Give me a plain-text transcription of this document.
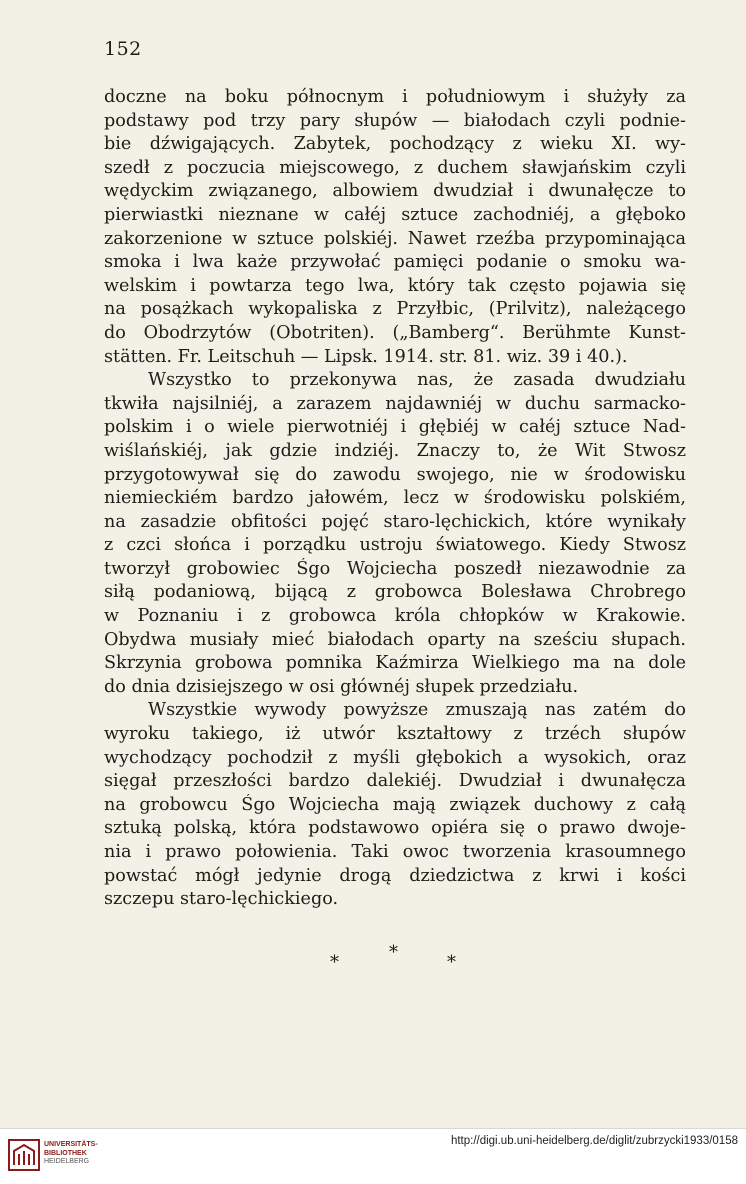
152
doczne na boku północnym i południowym i służyły za
podstawy pod trzy pary słupów — białodach czyli podnie-
bie dźwigających. Zabytek, pochodzący z wieku XI. wy-
szedł z poczucia miejscowego, z duchem sławjańskim czyli
wędyckim związanego, albowiem dwudział i dwunałęcze to
pierwiastki nieznane w całéj sztuce zachodniéj, a głęboko
zakorzenione w sztuce polskiéj. Nawet rzeźba przypominająca
smoka i lwa każe przywołać pamięci podanie o smoku wa-
welskim i powtarza tego lwa, który tak często pojawia się
na posążkach wykopaliska z Przyłbic, (Prilvitz), należącego
do Obodrzytów (Obotriten). („Bamberg“. Berühmte Kunst-
stätten. Fr. Leitschuh — Lipsk. 1914. str. 81. wiz. 39 i 40.).
Wszystko to przekonywa nas, że zasada dwudziału
tkwiła najsilniéj, a zarazem najdawniéj w duchu sarmacko-
polskim i o wiele pierwotniéj i głębiéj w całéj sztuce Nad-
wiślańskiéj, jak gdzie indziéj. Znaczy to, że Wit Stwosz
przygotowywał się do zawodu swojego, nie w środowisku
niemieckiém bardzo jałowém, lecz w środowisku polskiém,
na zasadzie obfitości pojęć staro-lęchickich, które wynikały
z czci słońca i porządku ustroju światowego. Kiedy Stwosz
tworzył grobowiec Śgo Wojciecha poszedł niezawodnie za
siłą podaniową, bijącą z grobowca Bolesława Chrobrego
w Poznaniu i z grobowca króla chłopków w Krakowie.
Obydwa musiały mieć białodach oparty na sześciu słupach.
Skrzynia grobowa pomnika Kaźmirza Wielkiego ma na dole
do dnia dzisiejszego w osi głównéj słupek przedziału.
Wszystkie wywody powyższe zmuszają nas zatém do
wyroku takiego, iż utwór kształtowy z trzéch słupów
wychodzący pochodził z myśli głębokich a wysokich, oraz
sięgał przeszłości bardzo dalekiéj. Dwudział i dwunałęcza
na grobowcu Śgo Wojciecha mają związek duchowy z całą
sztuką polską, która podstawowo opiéra się o prawo dwoje-
nia i prawo połowienia. Taki owoc tworzenia krasoumnego
powstać mógł jedynie drogą dziedzictwa z krwi i kości
szczepu staro-lęchickiego.
*	*	*
UNIVERSITÄTS-
BIBLIOTHEK
HEIDELBERG
http://digi.ub.uni-heidelberg.de/diglit/zubrzycki1933/0158
